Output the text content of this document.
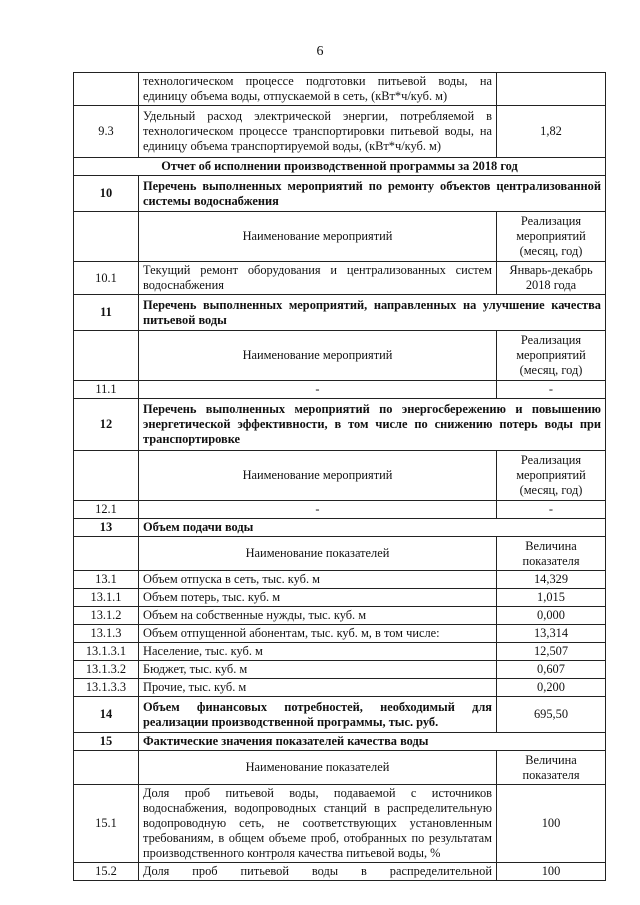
6
	технологическом процессе подготовки питьевой воды, на единицу объема воды, отпускаемой в сеть, (кВт*ч/куб. м)	
9.3	Удельный расход электрической энергии, потребляемой в технологическом процессе транспортировки питьевой воды, на единицу объема транспортируемой воды, (кВт*ч/куб. м)	1,82
Отчет об исполнении производственной программы за 2018 год		
10	Перечень выполненных мероприятий по ремонту объектов централизованной системы водоснабжения	
	Наименование мероприятий	Реализация мероприятий (месяц, год)
10.1	Текущий ремонт оборудования и централизованных систем водоснабжения	Январь-декабрь 2018 года
11	Перечень выполненных мероприятий, направленных на улучшение качества питьевой воды	
	Наименование мероприятий	Реализация мероприятий (месяц, год)
11.1	-	-
12	Перечень выполненных мероприятий по энергосбережению и повышению энергетической эффективности, в том числе по снижению потерь воды при транспортировке	
	Наименование мероприятий	Реализация мероприятий (месяц, год)
12.1	-	-
13	Объем подачи воды	
	Наименование показателей	Величина показателя
13.1	Объем отпуска в сеть, тыс. куб. м	14,329
13.1.1	Объем потерь, тыс. куб. м	1,015
13.1.2	Объем на собственные нужды, тыс. куб. м	0,000
13.1.3	Объем отпущенной абонентам, тыс. куб. м, в том числе:	13,314
13.1.3.1	Население, тыс. куб. м	12,507
13.1.3.2	Бюджет, тыс. куб. м	0,607
13.1.3.3	Прочие, тыс. куб. м	0,200
14	Объем финансовых потребностей, необходимый для реализации производственной программы, тыс. руб.	695,50
15	Фактические значения показателей качества воды	
	Наименование показателей	Величина показателя
15.1	Доля проб питьевой воды, подаваемой с источников водоснабжения, водопроводных станций в распределительную водопроводную сеть, не соответствующих установленным требованиям, в общем объеме проб, отобранных по результатам производственного контроля качества питьевой воды, %	100
15.2	Доля проб питьевой воды в распределительной	100
